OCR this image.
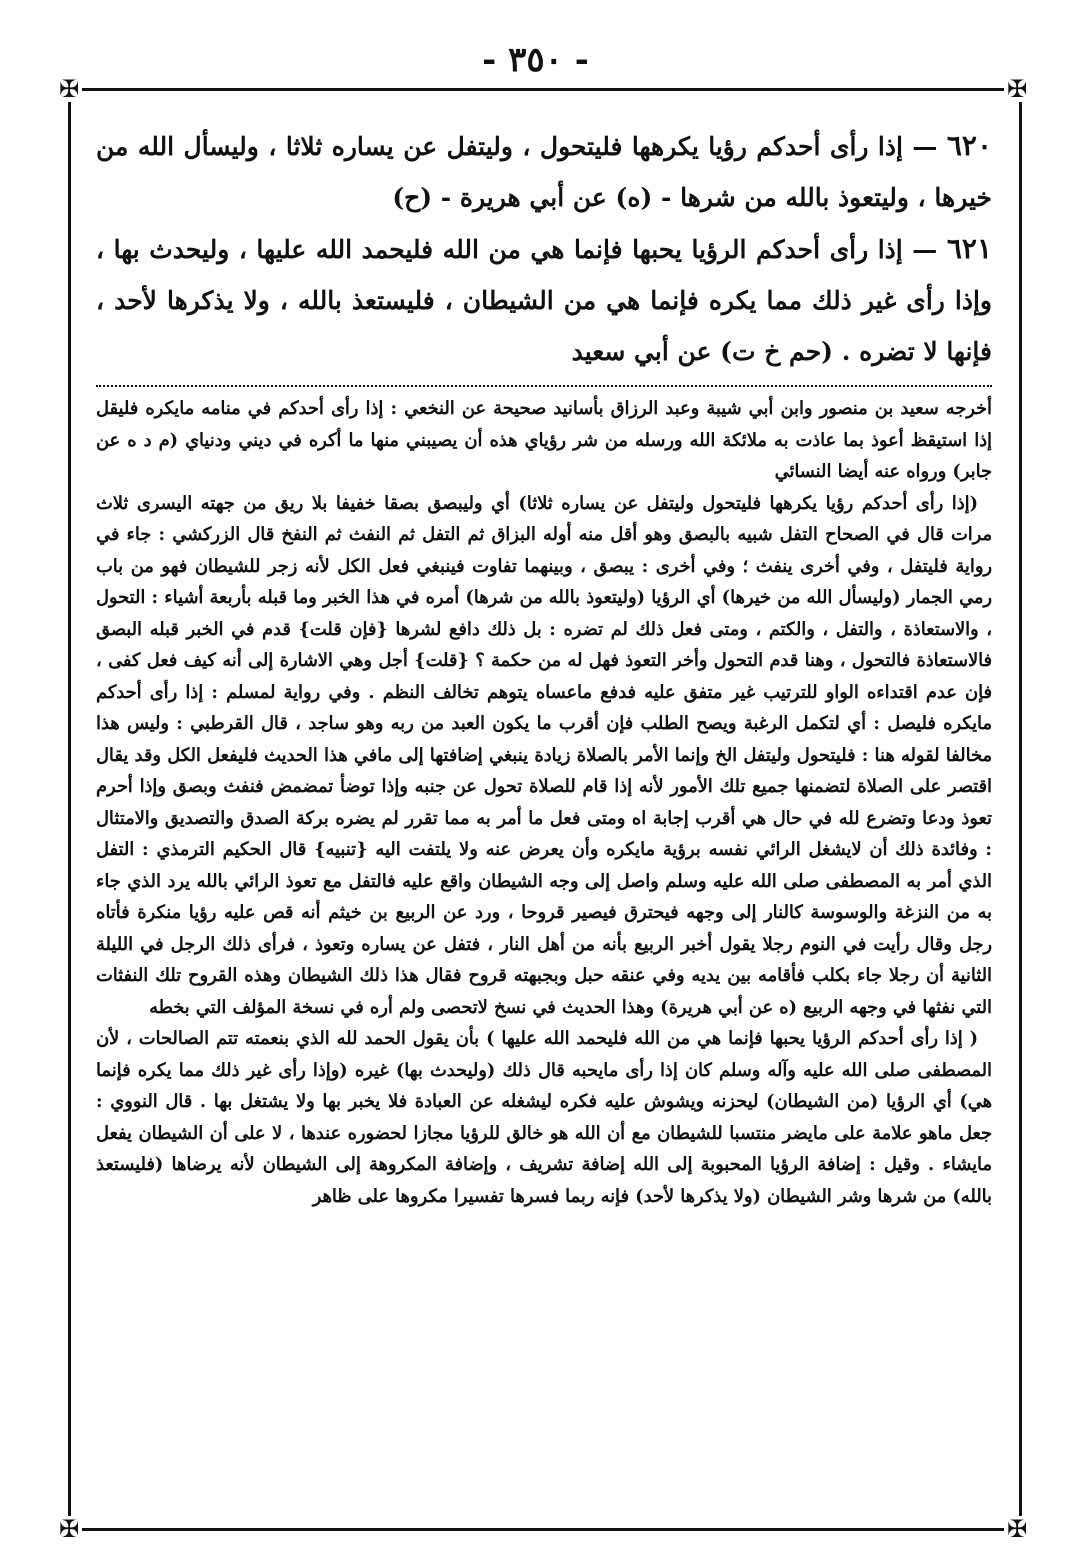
- ٣٥٠ -
✠	✠
✠	✠

٦٢٠ — إذا رأى أحدكم رؤيا يكرهها فليتحول ، وليتفل عن يساره ثلاثا ، وليسأل الله من خيرها ، وليتعوذ بالله من شرها - (ه) عن أبي هريرة - (ح)

٦٢١ — إذا رأى أحدكم الرؤيا يحبها فإنما هي من الله فليحمد الله عليها ، وليحدث بها ، وإذا رأى غير ذلك مما يكره فإنما هي من الشيطان ، فليستعذ بالله ، ولا يذكرها لأحد ، فإنها لا تضره . (حم خ ت) عن أبي سعيد

أخرجه سعيد بن منصور وابن أبي شيبة وعبد الرزاق بأسانيد صحيحة عن النخعي : إذا رأى أحدكم في منامه مايكره فليقل إذا استيقظ أعوذ بما عاذت به ملائكة الله ورسله من شر رؤياي هذه أن يصيبني منها ما أكره في ديني ودنياي (م د ه عن جابر) ورواه عنه أيضا النسائي

(إذا رأى أحدكم رؤيا يكرهها فليتحول وليتفل عن يساره ثلاثا) أي وليبصق بصقا خفيفا بلا ريق من جهته اليسرى ثلاث مرات قال في الصحاح التفل شبيه بالبصق وهو أقل منه أوله البزاق ثم التفل ثم النفث ثم النفخ قال الزركشي : جاء في رواية فليتفل ، وفي أخرى ينفث ؛ وفي أخرى : يبصق ، وبينهما تفاوت فينبغي فعل الكل لأنه زجر للشيطان فهو من باب رمي الجمار (وليسأل الله من خيرها) أي الرؤيا (وليتعوذ بالله من شرها) أمره في هذا الخبر وما قبله بأربعة أشياء : التحول ، والاستعاذة ، والتفل ، والكتم ، ومتى فعل ذلك لم تضره : بل ذلك دافع لشرها {فإن قلت} قدم في الخبر قبله البصق فالاستعاذة فالتحول ، وهنا قدم التحول وأخر التعوذ فهل له من حكمة ؟ {قلت} أجل وهي الاشارة إلى أنه كيف فعل كفى ، فإن عدم اقتداءه الواو للترتيب غير متفق عليه فدفع ماعساه يتوهم تخالف النظم . وفي رواية لمسلم : إذا رأى أحدكم مايكره فليصل : أي لتكمل الرغبة ويصح الطلب فإن أقرب ما يكون العبد من ربه وهو ساجد ، قال القرطبي : وليس هذا مخالفا لقوله هنا : فليتحول وليتفل الخ وإنما الأمر بالصلاة زيادة ينبغي إضافتها إلى مافي هذا الحديث فليفعل الكل وقد يقال اقتصر على الصلاة لتضمنها جميع تلك الأمور لأنه إذا قام للصلاة تحول عن جنبه وإذا توضأ تمضمض فنفث وبصق وإذا أحرم تعوذ ودعا وتضرع لله في حال هي أقرب إجابة اه ومتى فعل ما أمر به مما تقرر لم يضره بركة الصدق والتصديق والامتثال : وفائدة ذلك أن لايشغل الرائي نفسه برؤية مايكره وأن يعرض عنه ولا يلتفت اليه {تنبيه} قال الحكيم الترمذي : التفل الذي أمر به المصطفى صلى الله عليه وسلم واصل إلى وجه الشيطان واقع عليه فالتفل مع تعوذ الرائي بالله يرد الذي جاء به من النزغة والوسوسة كالنار إلى وجهه فيحترق فيصير قروحا ، ورد عن الربيع بن خيثم أنه قص عليه رؤيا منكرة فأتاه رجل وقال رأيت في النوم رجلا يقول أخبر الربيع بأنه من أهل النار ، فتفل عن يساره وتعوذ ، فرأى ذلك الرجل في الليلة الثانية أن رجلا جاء بكلب فأقامه بين يديه وفي عنقه حبل وبجبهته قروح فقال هذا ذلك الشيطان وهذه القروح تلك النفثات التي نفثها في وجهه الربيع (ه عن أبي هريرة) وهذا الحديث في نسخ لاتحصى ولم أره في نسخة المؤلف التي بخطه

( إذا رأى أحدكم الرؤيا يحبها فإنما هي من الله فليحمد الله عليها ) بأن يقول الحمد لله الذي بنعمته تتم الصالحات ، لأن المصطفى صلى الله عليه وآله وسلم كان إذا رأى مايحبه قال ذلك (وليحدث بها) غيره (وإذا رأى غير ذلك مما يكره فإنما هي) أي الرؤيا (من الشيطان) ليحزنه ويشوش عليه فكره ليشغله عن العبادة فلا يخبر بها ولا يشتغل بها . قال النووي : جعل ماهو علامة على مايضر منتسبا للشيطان مع أن الله هو خالق للرؤيا مجازا لحضوره عندها ، لا على أن الشيطان يفعل مايشاء . وقيل : إضافة الرؤيا المحبوبة إلى الله إضافة تشريف ، وإضافة المكروهة إلى الشيطان لأنه يرضاها (فليستعذ بالله) من شرها وشر الشيطان (ولا يذكرها لأحد) فإنه ربما فسرها تفسيرا مكروها على ظاهر
